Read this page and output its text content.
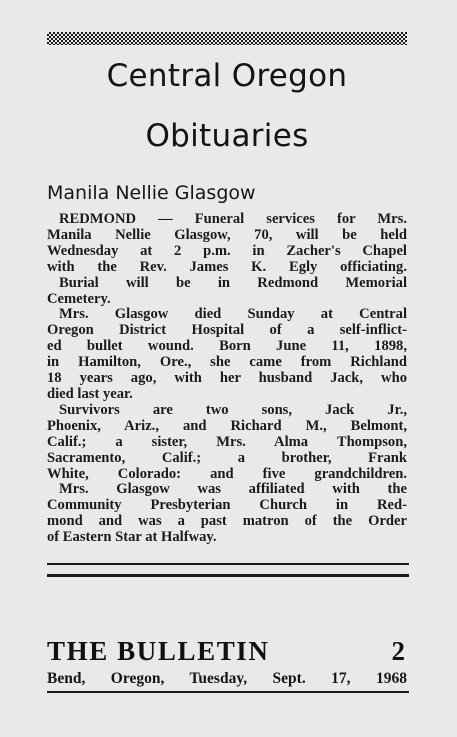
Central Oregon
Obituaries
Manila Nellie Glasgow
REDMOND — Funeral services for Mrs.
Manila Nellie Glasgow, 70, will be held
Wednesday at 2 p.m. in Zacher's Chapel
with the Rev. James K. Egly officiating.
Burial will be in Redmond Memorial
Cemetery.
Mrs. Glasgow died Sunday at Central
Oregon District Hospital of a self-inflict-
ed bullet wound. Born June 11, 1898,
in Hamilton, Ore., she came from Richland
18 years ago, with her husband Jack, who
died last year.
Survivors are two sons, Jack Jr.,
Phoenix, Ariz., and Richard M., Belmont,
Calif.; a sister, Mrs. Alma Thompson,
Sacramento, Calif.; a brother, Frank
White, Colorado: and five grandchildren.
Mrs. Glasgow was affiliated with the
Community Presbyterian Church in Red-
mond and was a past matron of the Order
of Eastern Star at Halfway.
THE BULLETIN	2
Bend, Oregon, Tuesday, Sept. 17, 1968
